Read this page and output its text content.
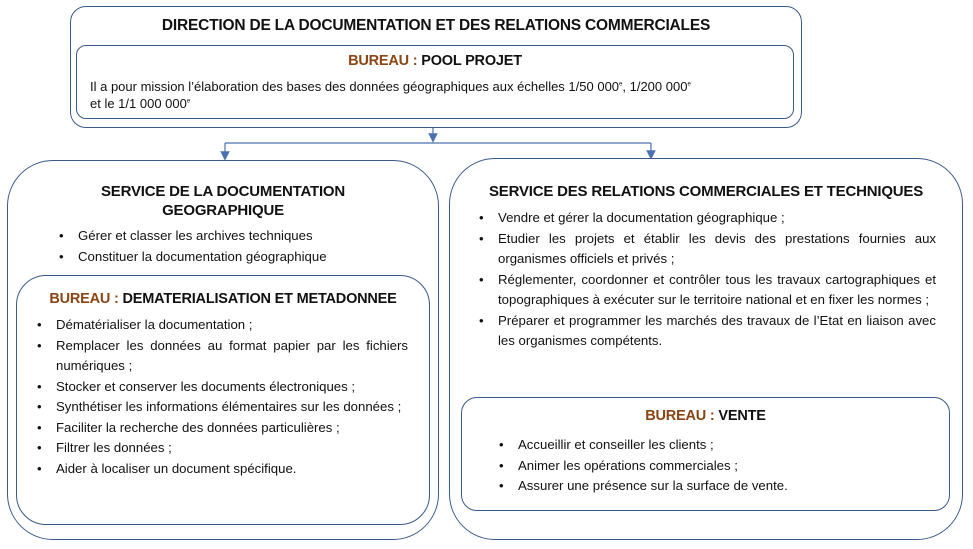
DIRECTION DE LA DOCUMENTATION ET DES RELATIONS COMMERCIALES
BUREAU : POOL PROJET
Il a pour mission l’élaboration des bases des données géographiques aux échelles 1/50 000e, 1/200 000e
et le 1/1 000 000e
SERVICE DE LA DOCUMENTATION GEOGRAPHIQUE
• Gérer et classer les archives techniques
• Constituer la documentation géographique
BUREAU : DEMATERIALISATION ET METADONNEE
• Dématérialiser la documentation ;
• Remplacer les données au format papier par les fichiers numériques ;
• Stocker et conserver les documents électroniques ;
• Synthétiser les informations élémentaires sur les données ;
• Faciliter la recherche des données particulières ;
• Filtrer les données ;
• Aider à localiser un document spécifique.
SERVICE DES RELATIONS COMMERCIALES ET TECHNIQUES
• Vendre et gérer la documentation géographique ;
• Etudier les projets et établir les devis des prestations fournies aux organismes officiels et privés ;
• Réglementer, coordonner et contrôler tous les travaux cartographiques et topographiques à exécuter sur le territoire national et en fixer les normes ;
• Préparer et programmer les marchés des travaux de l’Etat en liaison avec les organismes compétents.
BUREAU : VENTE
• Accueillir et conseiller les clients ;
• Animer les opérations commerciales ;
• Assurer une présence sur la surface de vente.
